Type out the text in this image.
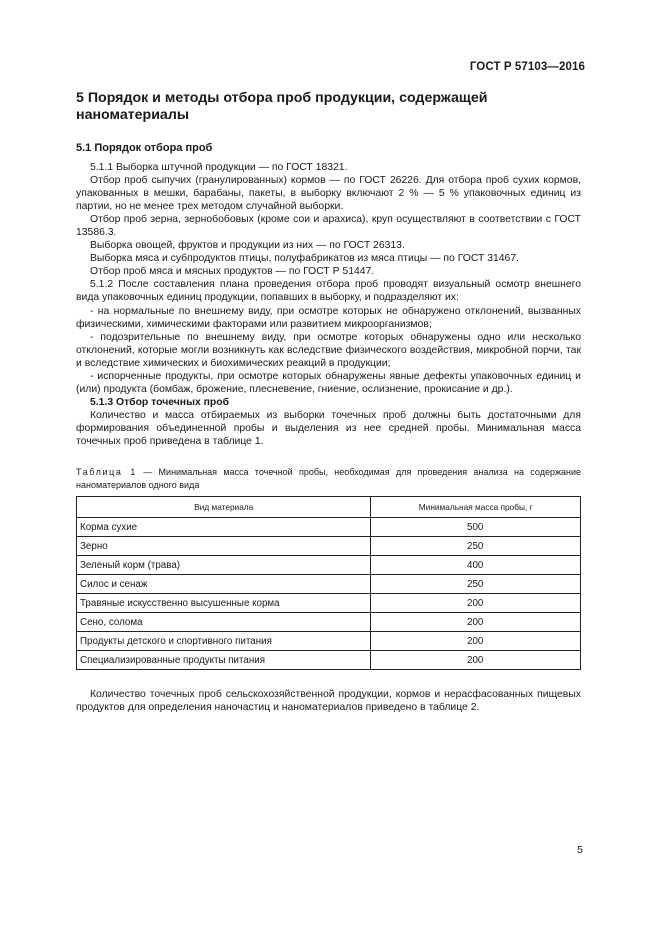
ГОСТ Р 57103—2016
5 Порядок и методы отбора проб продукции, содержащей наноматериалы
5.1 Порядок отбора проб

5.1.1 Выборка штучной продукции — по ГОСТ 18321.

Отбор проб сыпучих (гранулированных) кормов — по ГОСТ 26226. Для отбора проб сухих кормов, упакованных в мешки, барабаны, пакеты, в выборку включают 2 % — 5 % упаковочных единиц из партии, но не менее трех методом случайной выборки.

Отбор проб зерна, зернобобовых (кроме сои и арахиса), круп осуществляют в соответствии с ГОСТ 13586.3.

Выборка овощей, фруктов и продукции из них — по ГОСТ 26313.

Выборка мяса и субпродуктов птицы, полуфабрикатов из мяса птицы — по ГОСТ 31467.

Отбор проб мяса и мясных продуктов — по ГОСТ Р 51447.

5.1.2 После составления плана проведения отбора проб проводят визуальный осмотр внешнего вида упаковочных единиц продукции, попавших в выборку, и подразделяют их:

- на нормальные по внешнему виду, при осмотре которых не обнаружено отклонений, вызванных физическими, химическими факторами или развитием микроорганизмов;

- подозрительные по внешнему виду, при осмотре которых обнаружены одно или несколько отклонений, которые могли возникнуть как вследствие физического воздействия, микробной порчи, так и вследствие химических и биохимических реакций в продукции;

- испорченные продукты, при осмотре которых обнаружены явные дефекты упаковочных единиц и (или) продукта (бомбаж, брожение, плесневение, гниение, ослизнение, прокисание и др.).

5.1.3 Отбор точечных проб

Количество и масса отбираемых из выборки точечных проб должны быть достаточными для формирования объединенной пробы и выделения из нее средней пробы. Минимальная масса точечных проб приведена в таблице 1.

Таблица 1 — Минимальная масса точечной пробы, необходимая для проведения анализа на содержание наноматериалов одного вида
Вид материала	Минимальная масса пробы, г
Корма сухие	500
Зерно	250
Зеленый корм (трава)	400
Силос и сенаж	250
Травяные искусственно высушенные корма	200
Сено, солома	200
Продукты детского и спортивного питания	200
Специализированные продукты питания	200
Количество точечных проб сельскохозяйственной продукции, кормов и нерасфасованных пищевых продуктов для определения наночастиц и наноматериалов приведено в таблице 2.
5
